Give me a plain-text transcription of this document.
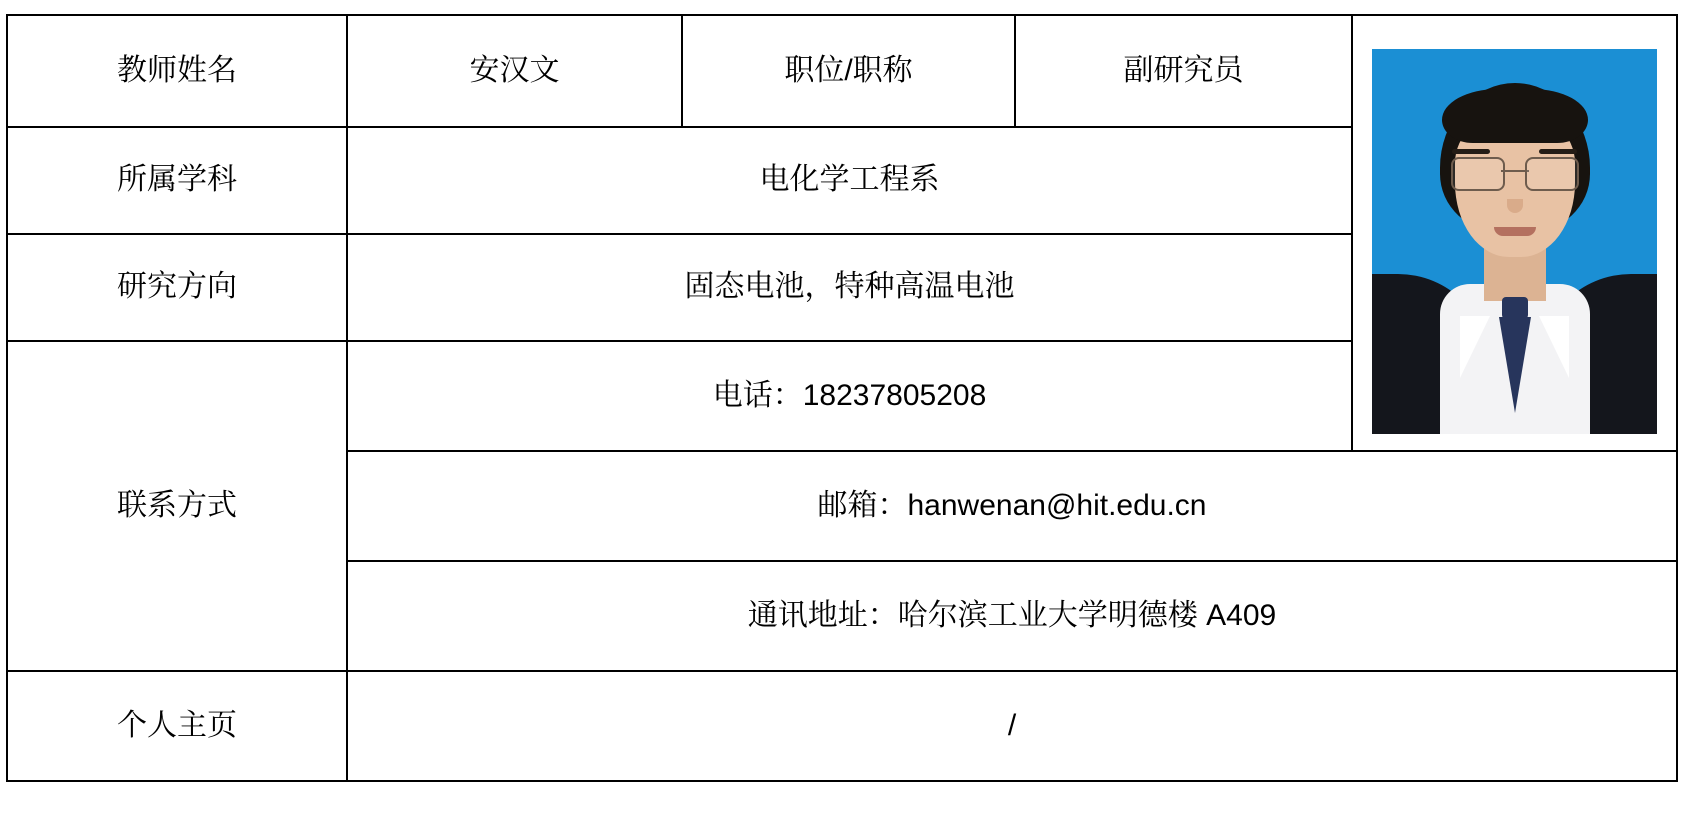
教师姓名	安汉文	职位/职称	副研究员	

所属学科	电化学工程系			

研究方向	固态电池，特种高温电池			

联系方式	电话：18237805208			

	邮箱：hanwenan@hit.edu.cn			

	通讯地址：哈尔滨工业大学明德楼 A409			

个人主页	/			
